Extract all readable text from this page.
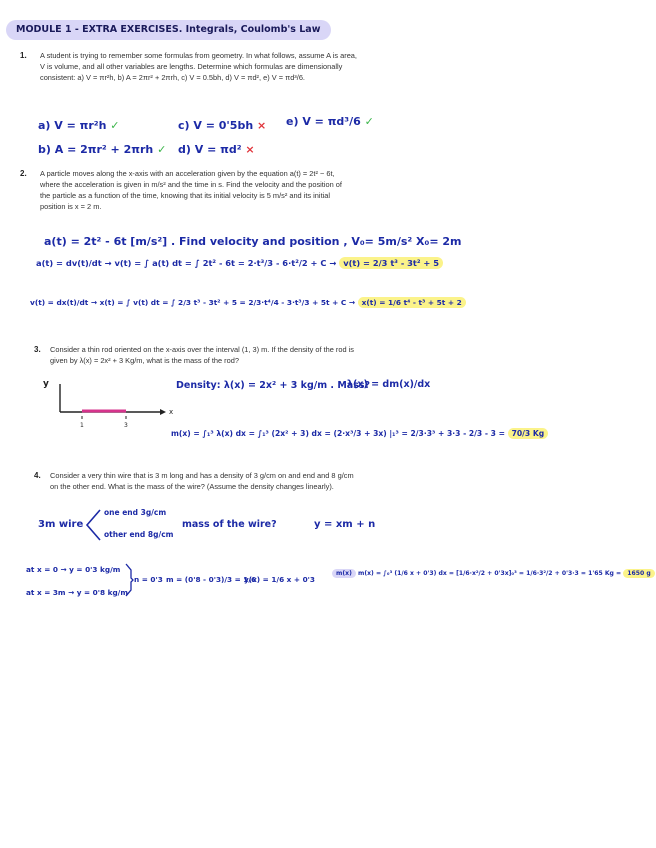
MODULE 1 - EXTRA EXERCISES. Integrals, Coulomb's Law
1. A student is trying to remember some formulas from geometry. In what follows, assume A is area,
V is volume, and all other variables are lengths. Determine which formulas are dimensionally
consistent: a) V = πr²h, b) A = 2πr² + 2πrh, c) V = 0.5bh, d) V = πd², e) V = πd³/6.
a) V = πr²h ✓	c) V = 0'5bh × e) V = πd³/6 ✓
b) A = 2πr² + 2πrh ✓ d) V = πd² ×
2. A particle moves along the x-axis with an acceleration given by the equation a(t) = 2t² − 6t,
where the acceleration is given in m/s² and the time in s. Find the velocity and the position of
the particle as a function of the time, knowing that its initial velocity is 5 m/s² and its initial
position is x = 2 m.
a(t) = 2t² - 6t [m/s²] . Find velocity and position , V₀= 5m/s² X₀= 2m
a(t) = dv(t)/dt → v(t) = ∫ a(t) dt = ∫ 2t² - 6t = 2·t³/3 - 6·t²/2 + C → v(t) = 2/3 t³ - 3t² + 5
v(t) = dx(t)/dt → x(t) = ∫ v(t) dt = ∫ 2/3 t³ - 3t² + 5 = 2/3·t⁴/4 - 3·t³/3 + 5t + C → x(t) = 1/6 t⁴ - t³ + 5t + 2
3. Consider a thin rod oriented on the x-axis over the interval (1, 3) m. If the density of the rod is
given by λ(x) = 2x² + 3 Kg/m, what is the mass of the rod?
y
x
1	3
Density: λ(x) = 2x² + 3 kg/m . Mass?
λ(x) = dm(x)/dx
m(x) = ∫₁³ λ(x) dx = ∫₁³ (2x² + 3) dx = (2·x³/3 + 3x) |₁³ = 2/3·3³ + 3·3 - 2/3 - 3 = 70/3 Kg
4. Consider a very thin wire that is 3 m long and has a density of 3 g/cm on and end and 8 g/cm
on the other end. What is the mass of the wire? (Assume the density changes linearly).
3m wire
one end 3g/cm
other end 8g/cm
mass of the wire?	y = xm + n
at x = 0 → y = 0'3 kg/m
at x = 3m → y = 0'8 kg/m
n = 0'3 m = (0'8 - 0'3)/3 = 1/6
y(x) = 1/6 x + 0'3
m(x) m(x) = ∫₀³ (1/6 x + 0'3) dx = [1/6·x²/2 + 0'3x]₀³ = 1/6·3²/2 + 0'3·3 = 1'65 Kg = 1650 g
